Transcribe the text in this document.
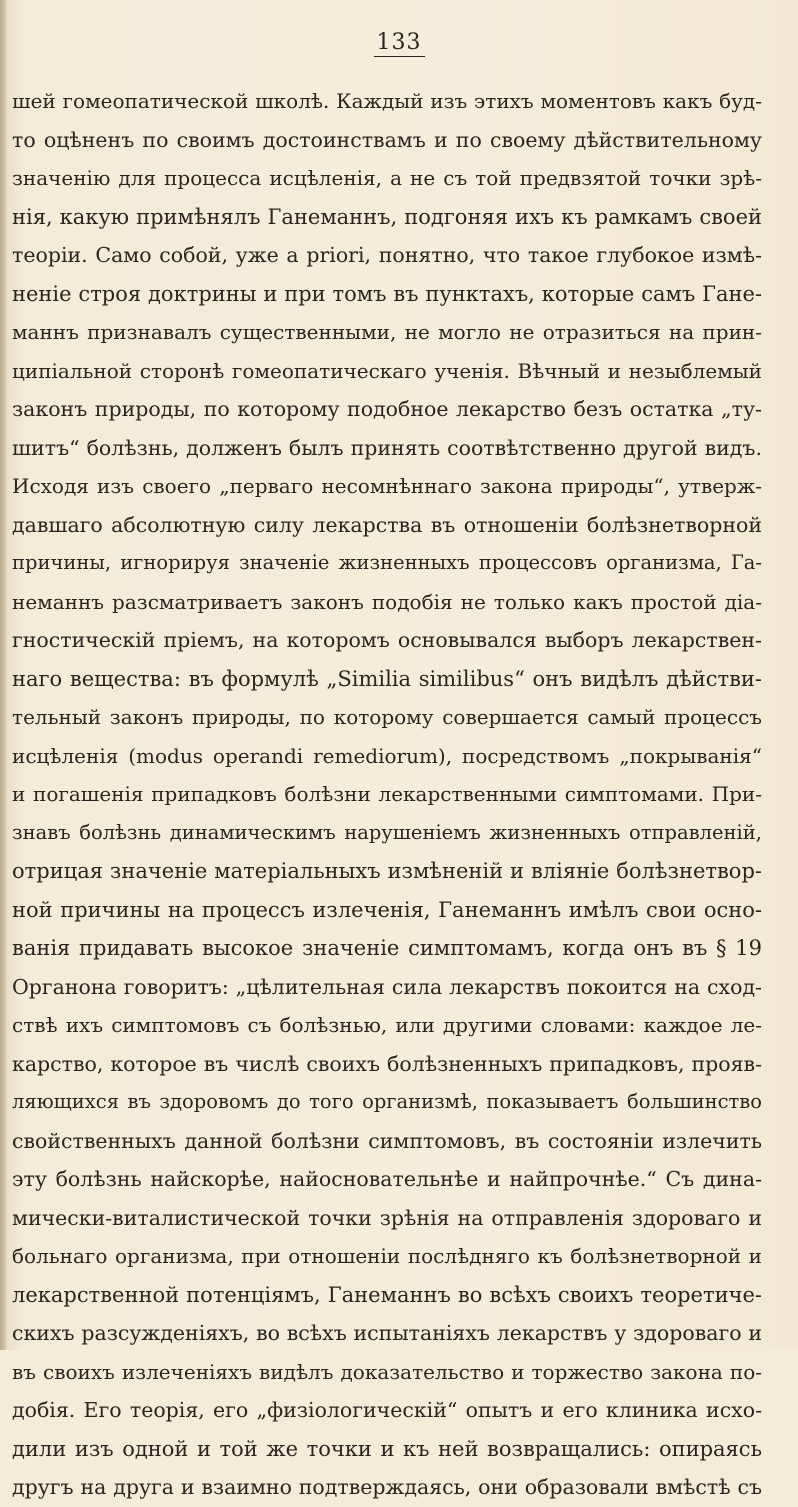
133
шей гомеопатической школѣ. Каждый изъ этихъ моментовъ какъ буд-
то оцѣненъ по своимъ достоинствамъ и по своему дѣйствительному
значенію для процесса исцѣленія, а не съ той предвзятой точки зрѣ-
нія, какую примѣнялъ Ганеманнъ, подгоняя ихъ къ рамкамъ своей
теоріи. Само собой, уже a priori, понятно, что такое глубокое измѣ-
неніе строя доктрины и при томъ въ пунктахъ, которые самъ Гане-
маннъ признавалъ существенными, не могло не отразиться на прин-
ципіальной сторонѣ гомеопатическаго ученія. Вѣчный и незыблемый
законъ природы, по которому подобное лекарство безъ остатка „ту-
шитъ“ болѣзнь, долженъ былъ принять соотвѣтственно другой видъ.
Исходя изъ своего „перваго несомнѣннаго закона природы“, утверж-
давшаго абсолютную силу лекарства въ отношеніи болѣзнетворной
причины, игнорируя значеніе жизненныхъ процессовъ организма, Га-
неманнъ разсматриваетъ законъ подобія не только какъ простой діа-
гностическій пріемъ, на которомъ основывался выборъ лекарствен-
наго вещества: въ формулѣ „Similia similibus“ онъ видѣлъ дѣйстви-
тельный законъ природы, по которому совершается самый процессъ
исцѣленія (modus operandi remediorum), посредствомъ „покрыванія“
и погашенія припадковъ болѣзни лекарственными симптомами. При-
знавъ болѣзнь динамическимъ нарушеніемъ жизненныхъ отправленій,
отрицая значеніе матеріальныхъ измѣненій и вліяніе болѣзнетвор-
ной причины на процессъ излеченія, Ганеманнъ имѣлъ свои осно-
ванія придавать высокое значеніе симптомамъ, когда онъ въ § 19
Органона говоритъ: „цѣлительная сила лекарствъ покоится на сход-
ствѣ ихъ симптомовъ съ болѣзнью, или другими словами: каждое ле-
карство, которое въ числѣ своихъ болѣзненныхъ припадковъ, прояв-
ляющихся въ здоровомъ до того организмѣ, показываетъ большинство
свойственныхъ данной болѣзни симптомовъ, въ состояніи излечить
эту болѣзнь найскорѣе, найосновательнѣе и найпрочнѣе.“ Съ дина-
мически-виталистической точки зрѣнія на отправленія здороваго и
больнаго организма, при отношеніи послѣдняго къ болѣзнетворной и
лекарственной потенціямъ, Ганеманнъ во всѣхъ своихъ теоретиче-
скихъ разсужденіяхъ, во всѣхъ испытаніяхъ лекарствъ у здороваго и
въ своихъ излеченіяхъ видѣлъ доказательство и торжество закона по-
добія. Его теорія, его „физіологическій“ опытъ и его клиника исхо-
дили изъ одной и той же точки и къ ней возвращались: опираясь
другъ на друга и взаимно подтверждаясь, они образовали вмѣстѣ съ
